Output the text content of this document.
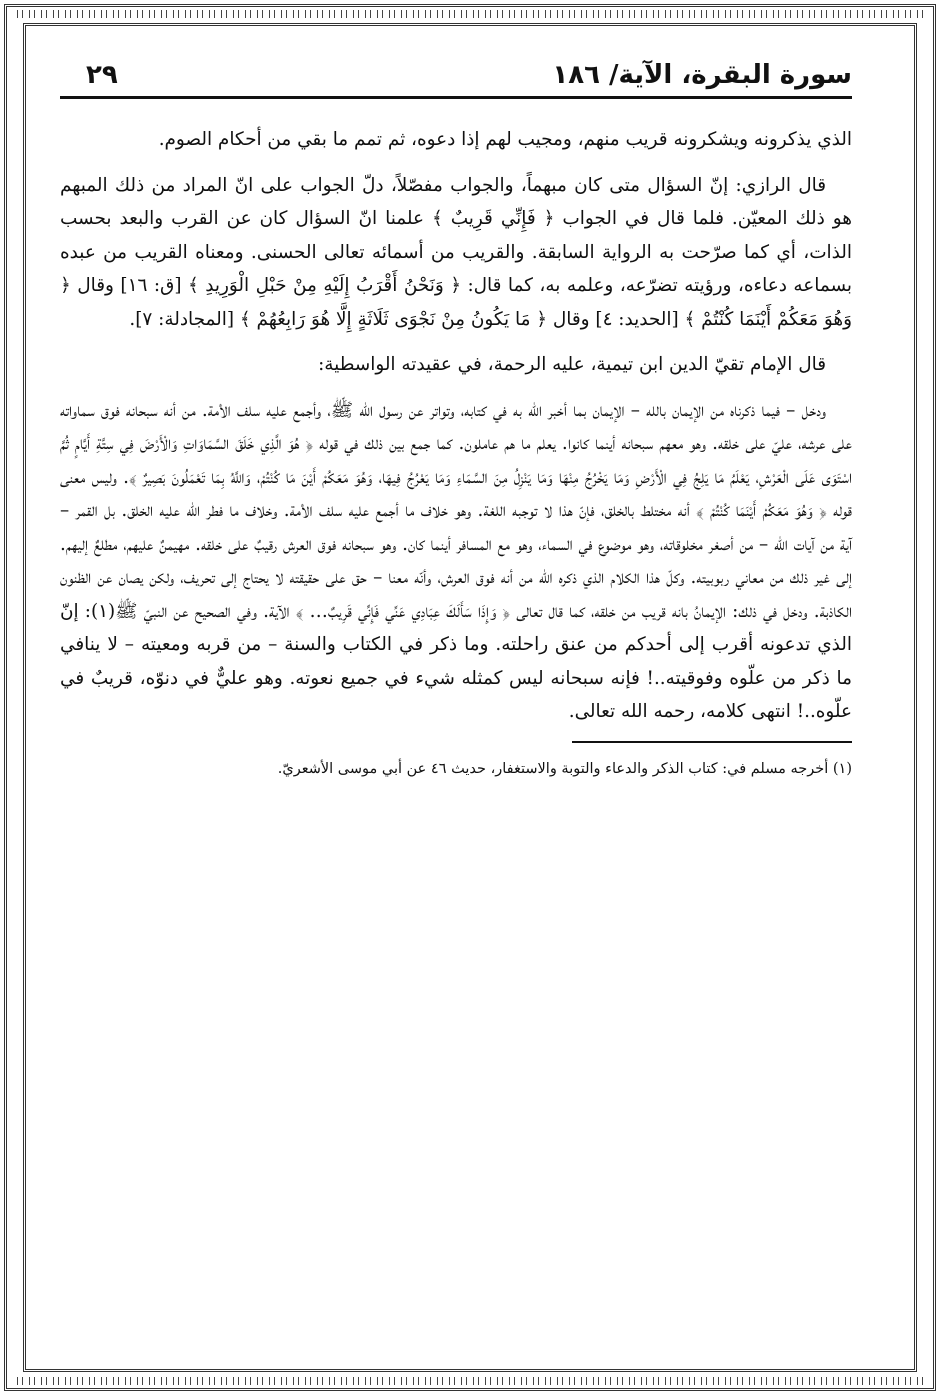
سورة البقرة، الآية/ ١٨٦
٢٩

الذي يذكرونه ويشكرونه قريب منهم، ومجيب لهم إذا دعوه، ثم تمم ما بقي من أحكام الصوم.

قال الرازي: إنّ السؤال متى كان مبهماً، والجواب مفصّلاً، دلّ الجواب على انّ المراد من ذلك المبهم هو ذلك المعيّن. فلما قال في الجواب ﴿ فَإِنِّي قَرِيبٌ ﴾ علمنا انّ السؤال كان عن القرب والبعد بحسب الذات، أي كما صرّحت به الرواية السابقة. والقريب من أسمائه تعالى الحسنى. ومعناه القريب من عبده بسماعه دعاءه، ورؤيته تضرّعه، وعلمه به، كما قال: ﴿ وَنَحْنُ أَقْرَبُ إِلَيْهِ مِنْ حَبْلِ الْوَرِيدِ ﴾ [ق: ١٦] وقال ﴿ وَهُوَ مَعَكُمْ أَيْنَمَا كُنْتُمْ ﴾ [الحديد: ٤] وقال ﴿ مَا يَكُونُ مِنْ نَجْوَى ثَلَاثَةٍ إِلَّا هُوَ رَابِعُهُمْ ﴾ [المجادلة: ٧].

قال الإمام تقيّ الدين ابن تيمية، عليه الرحمة، في عقيدته الواسطية:

ودخل – فيما ذكرناه من الإيمان بالله – الإيمان بما أخبر الله به في كتابه، وتواتر عن رسول الله ﷺ، وأجمع عليه سلف الأمة. من أنه سبحانه فوق سماواته على عرشه، عليّ على خلقه. وهو معهم سبحانه أينما كانوا. يعلم ما هم عاملون. كما جمع بين ذلك في قوله ﴿ هُوَ الَّذِي خَلَقَ السَّمَاوَاتِ وَالْأَرْضَ فِي سِتَّةِ أَيَّامٍ ثُمَّ اسْتَوَى عَلَى الْعَرْشِ، يَعْلَمُ مَا يَلِجُ فِي الْأَرْضِ وَمَا يَخْرُجُ مِنْهَا وَمَا يَنْزِلُ مِنَ السَّمَاءِ وَمَا يَعْرُجُ فِيهَا، وَهُوَ مَعَكُمْ أَيْنَ مَا كُنْتُمْ، وَاللَّهُ بِمَا تَعْمَلُونَ بَصِيرٌ ﴾. وليس معنى قوله ﴿ وَهُوَ مَعَكُمْ أَيْنَمَا كُنْتُمْ ﴾ أنه مختلط بالخلق، فإنّ هذا لا توجبه اللغة. وهو خلاف ما أجمع عليه سلف الأمة. وخلاف ما فطر الله عليه الخلق. بل القمر – آية من آيات الله – من أصغر مخلوقاته، وهو موضوع في السماء، وهو مع المسافر أينما كان. وهو سبحانه فوق العرش رقيبٌ على خلقه. مهيمنٌ عليهم، مطلعٌ إليهم. إلى غير ذلك من معاني ربوبيته. وكلّ هذا الكلام الذي ذكره الله من أنه فوق العرش، وأنّه معنا – حق على حقيقته لا يحتاج إلى تحريف، ولكن يصان عن الظنون الكاذبة. ودخل في ذلك: الإيمانُ بانه قريب من خلقه، كما قال تعالى ﴿ وَإِذَا سَأَلَكَ عِبَادِي عَنِّي فَإِنِّي قَرِيبٌ… ﴾ الآية. وفي الصحيح عن النبيّ ﷺ(١): إنّ الذي تدعونه أقرب إلى أحدكم من عنق راحلته. وما ذكر في الكتاب والسنة – من قربه ومعيته – لا ينافي ما ذكر من علّوه وفوقيته..! فإنه سبحانه ليس كمثله شيء في جميع نعوته. وهو عليٌّ في دنوّه، قريبٌ في علّوه..! انتهى كلامه، رحمه الله تعالى.

(١) أخرجه مسلم في: كتاب الذكر والدعاء والتوبة والاستغفار، حديث ٤٦ عن أبي موسى الأشعريّ.
